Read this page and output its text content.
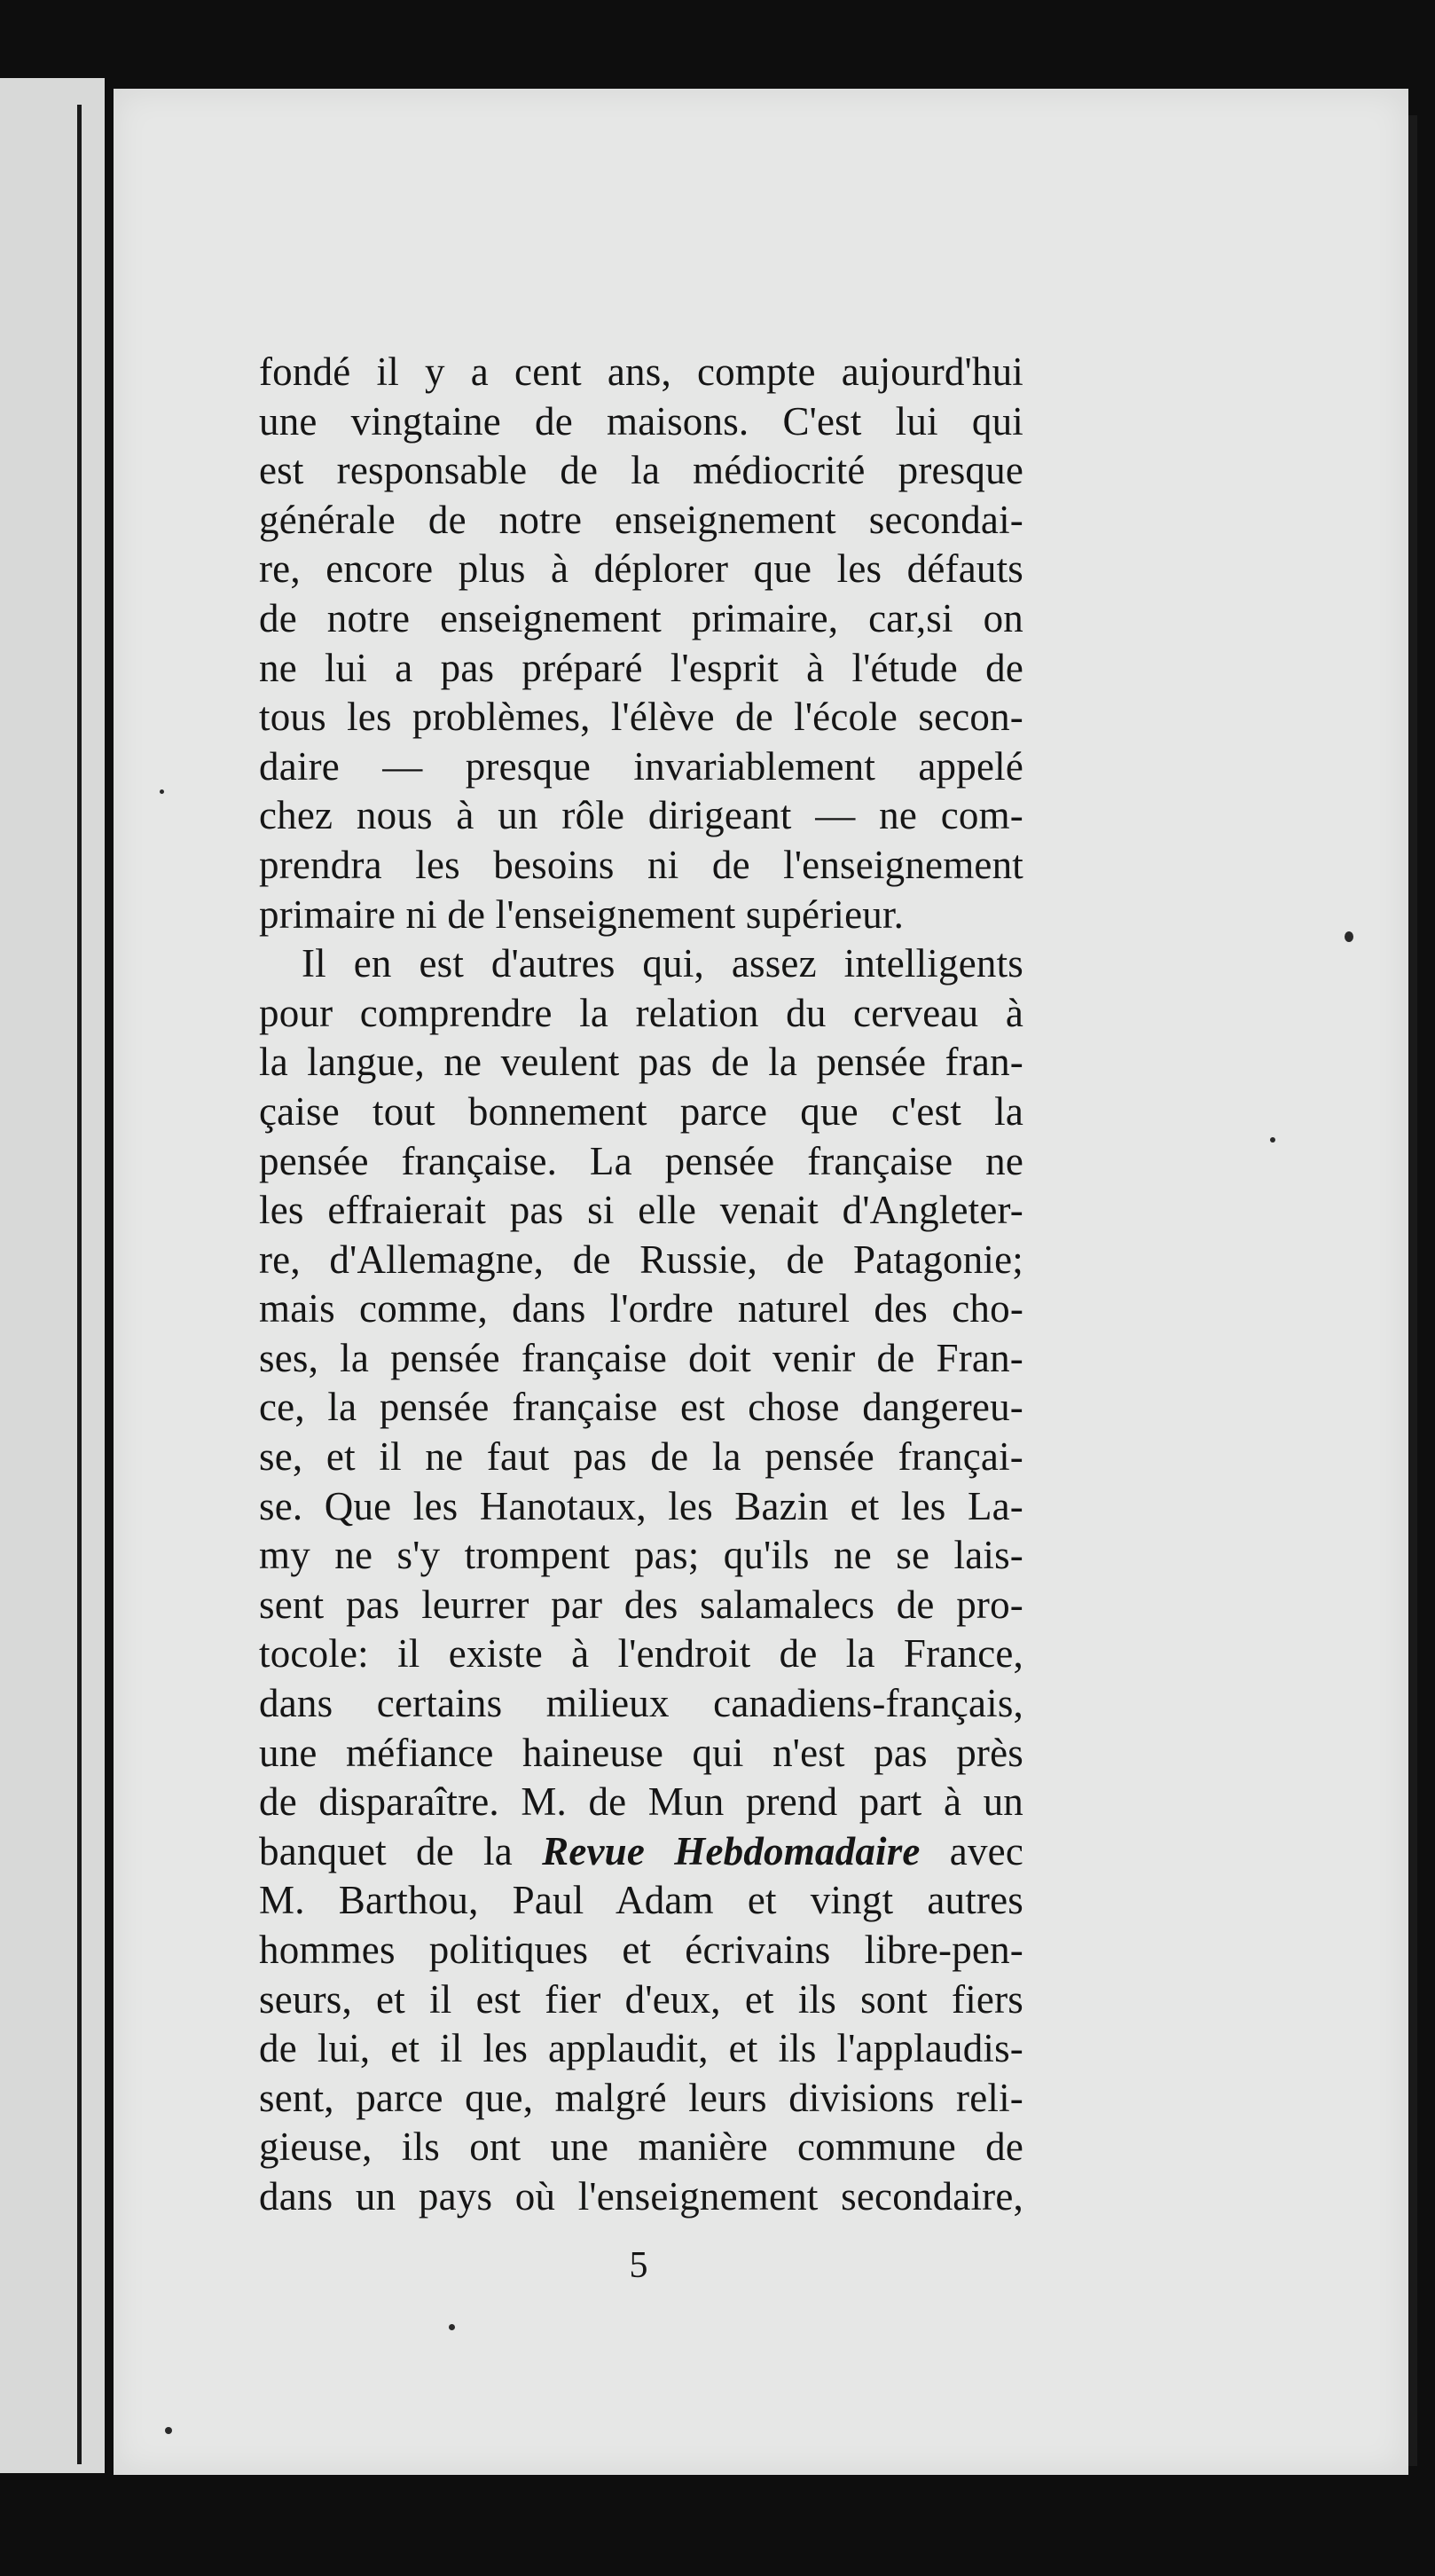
fondé il y a cent ans, compte aujourd'hui
une vingtaine de maisons. C'est lui qui
est responsable de la médiocrité presque
générale de notre enseignement secondai-
re, encore plus à déplorer que les défauts
de notre enseignement primaire, car,si on
ne lui a pas préparé l'esprit à l'étude de
tous les problèmes, l'élève de l'école secon-
daire — presque invariablement appelé
chez nous à un rôle dirigeant — ne com-
prendra les besoins ni de l'enseignement
primaire ni de l'enseignement supérieur.
Il en est d'autres qui, assez intelligents
pour comprendre la relation du cerveau à
la langue, ne veulent pas de la pensée fran-
çaise tout bonnement parce que c'est la
pensée française. La pensée française ne
les effraierait pas si elle venait d'Angleter-
re, d'Allemagne, de Russie, de Patagonie;
mais comme, dans l'ordre naturel des cho-
ses, la pensée française doit venir de Fran-
ce, la pensée française est chose dangereu-
se, et il ne faut pas de la pensée françai-
se. Que les Hanotaux, les Bazin et les La-
my ne s'y trompent pas; qu'ils ne se lais-
sent pas leurrer par des salamalecs de pro-
tocole: il existe à l'endroit de la France,
dans certains milieux canadiens-français,
une méfiance haineuse qui n'est pas près
de disparaître. M. de Mun prend part à un
banquet de la Revue Hebdomadaire avec
M. Barthou, Paul Adam et vingt autres
hommes politiques et écrivains libre-pen-
seurs, et il est fier d'eux, et ils sont fiers
de lui, et il les applaudit, et ils l'applaudis-
sent, parce que, malgré leurs divisions reli-
gieuse, ils ont une manière commune de
dans un pays où l'enseignement secondaire,
5
